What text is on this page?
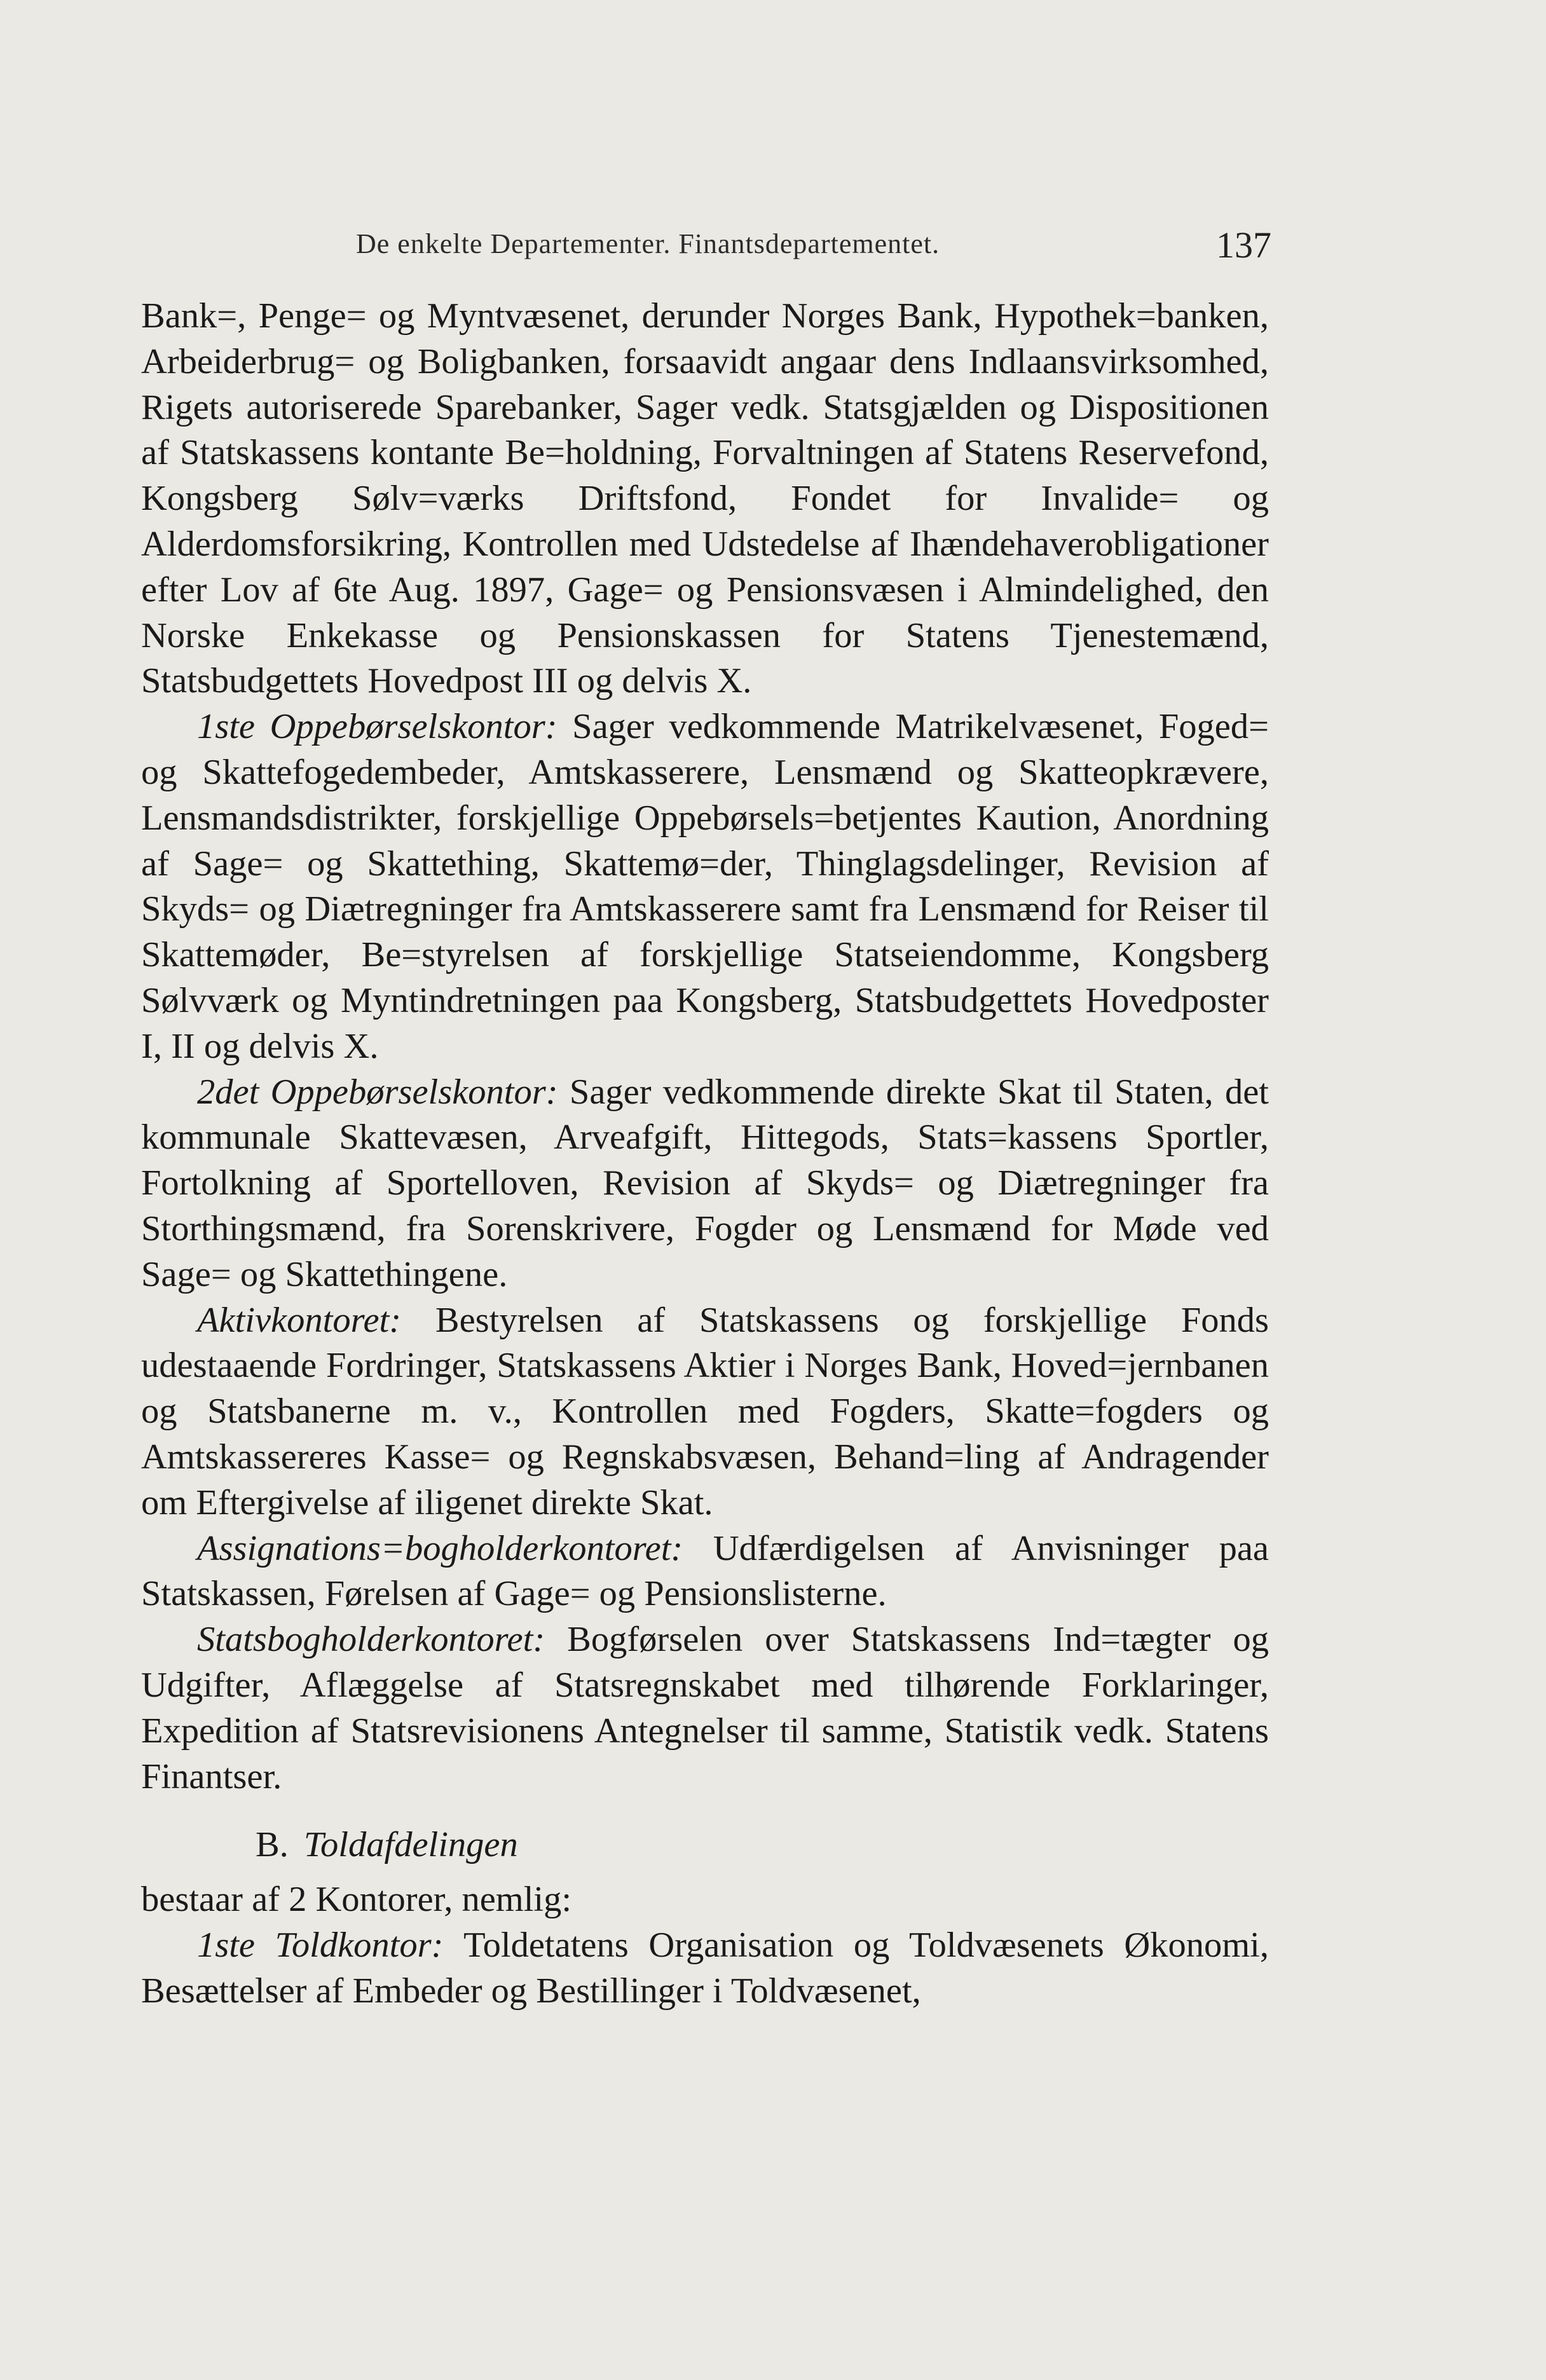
De enkelte Departementer. Finantsdepartementet.	137

Bank=, Penge= og Myntvæsenet, derunder Norges Bank, Hypothek=banken, Arbeiderbrug= og Boligbanken, forsaavidt angaar dens Indlaansvirksomhed, Rigets autoriserede Sparebanker, Sager vedk. Statsgjælden og Dispositionen af Statskassens kontante Be=holdning, Forvaltningen af Statens Reservefond, Kongsberg Sølv=værks Driftsfond, Fondet for Invalide= og Alderdomsforsikring, Kontrollen med Udstedelse af Ihændehaverobligationer efter Lov af 6te Aug. 1897, Gage= og Pensionsvæsen i Almindelighed, den Norske Enkekasse og Pensionskassen for Statens Tjenestemænd, Statsbudgettets Hovedpost III og delvis X.

1ste Oppebørselskontor: Sager vedkommende Matrikelvæsenet, Foged= og Skattefogedembeder, Amtskasserere, Lensmænd og Skatteopkrævere, Lensmandsdistrikter, forskjellige Oppebørsels=betjentes Kaution, Anordning af Sage= og Skattething, Skattemø=der, Thinglagsdelinger, Revision af Skyds= og Diætregninger fra Amtskasserere samt fra Lensmænd for Reiser til Skattemøder, Be=styrelsen af forskjellige Statseiendomme, Kongsberg Sølvværk og Myntindretningen paa Kongsberg, Statsbudgettets Hovedposter I, II og delvis X.

2det Oppebørselskontor: Sager vedkommende direkte Skat til Staten, det kommunale Skattevæsen, Arveafgift, Hittegods, Stats=kassens Sportler, Fortolkning af Sportelloven, Revision af Skyds= og Diætregninger fra Storthingsmænd, fra Sorenskrivere, Fogder og Lensmænd for Møde ved Sage= og Skattethingene.

Aktivkontoret: Bestyrelsen af Statskassens og forskjellige Fonds udestaaende Fordringer, Statskassens Aktier i Norges Bank, Hoved=jernbanen og Statsbanerne m. v., Kontrollen med Fogders, Skatte=fogders og Amtskassereres Kasse= og Regnskabsvæsen, Behand=ling af Andragender om Eftergivelse af iligenet direkte Skat.

Assignations=bogholderkontoret: Udfærdigelsen af Anvisninger paa Statskassen, Førelsen af Gage= og Pensionslisterne.

Statsbogholderkontoret: Bogførselen over Statskassens Ind=tægter og Udgifter, Aflæggelse af Statsregnskabet med tilhørende Forklaringer, Expedition af Statsrevisionens Antegnelser til samme, Statistik vedk. Statens Finantser.

B. Toldafdelingen

bestaar af 2 Kontorer, nemlig:

1ste Toldkontor: Toldetatens Organisation og Toldvæsenets Økonomi, Besættelser af Embeder og Bestillinger i Toldvæsenet,
